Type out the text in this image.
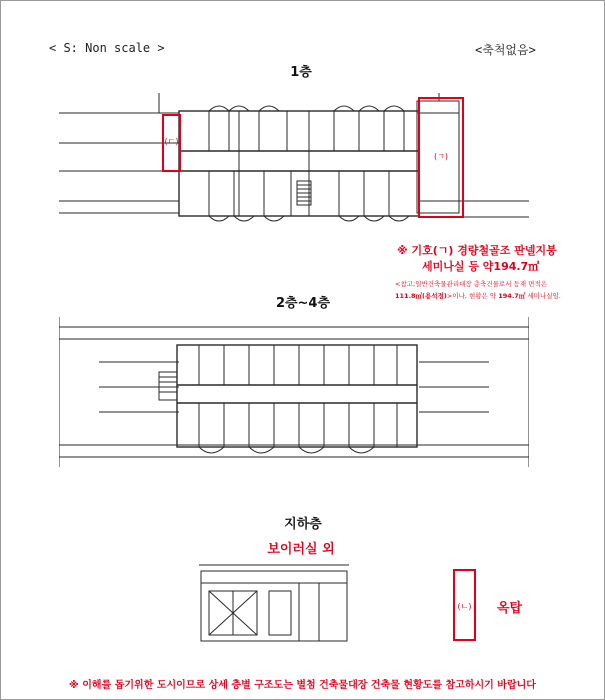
< S: Non scale >	<축척없음>
1층
(ㄷ)
(ㄱ)
※ 기호(ㄱ) 경량철골조 판넬지붕
세미나실 등 약194.7㎡
<참고;일반건축물관리대장 층축건물로서 등재 면적은
111.8㎡(용석정)>이나, 현황은 약 194.7㎡ 세미나실임.
2층~4층
지하층
보이러실 외
(ㄴ) 옥탑
※ 이해를 돕기위한 도시이므로 상세 층별 구조도는 별첨 건축물대장 건축물 현황도를 참고하시기 바랍니다
